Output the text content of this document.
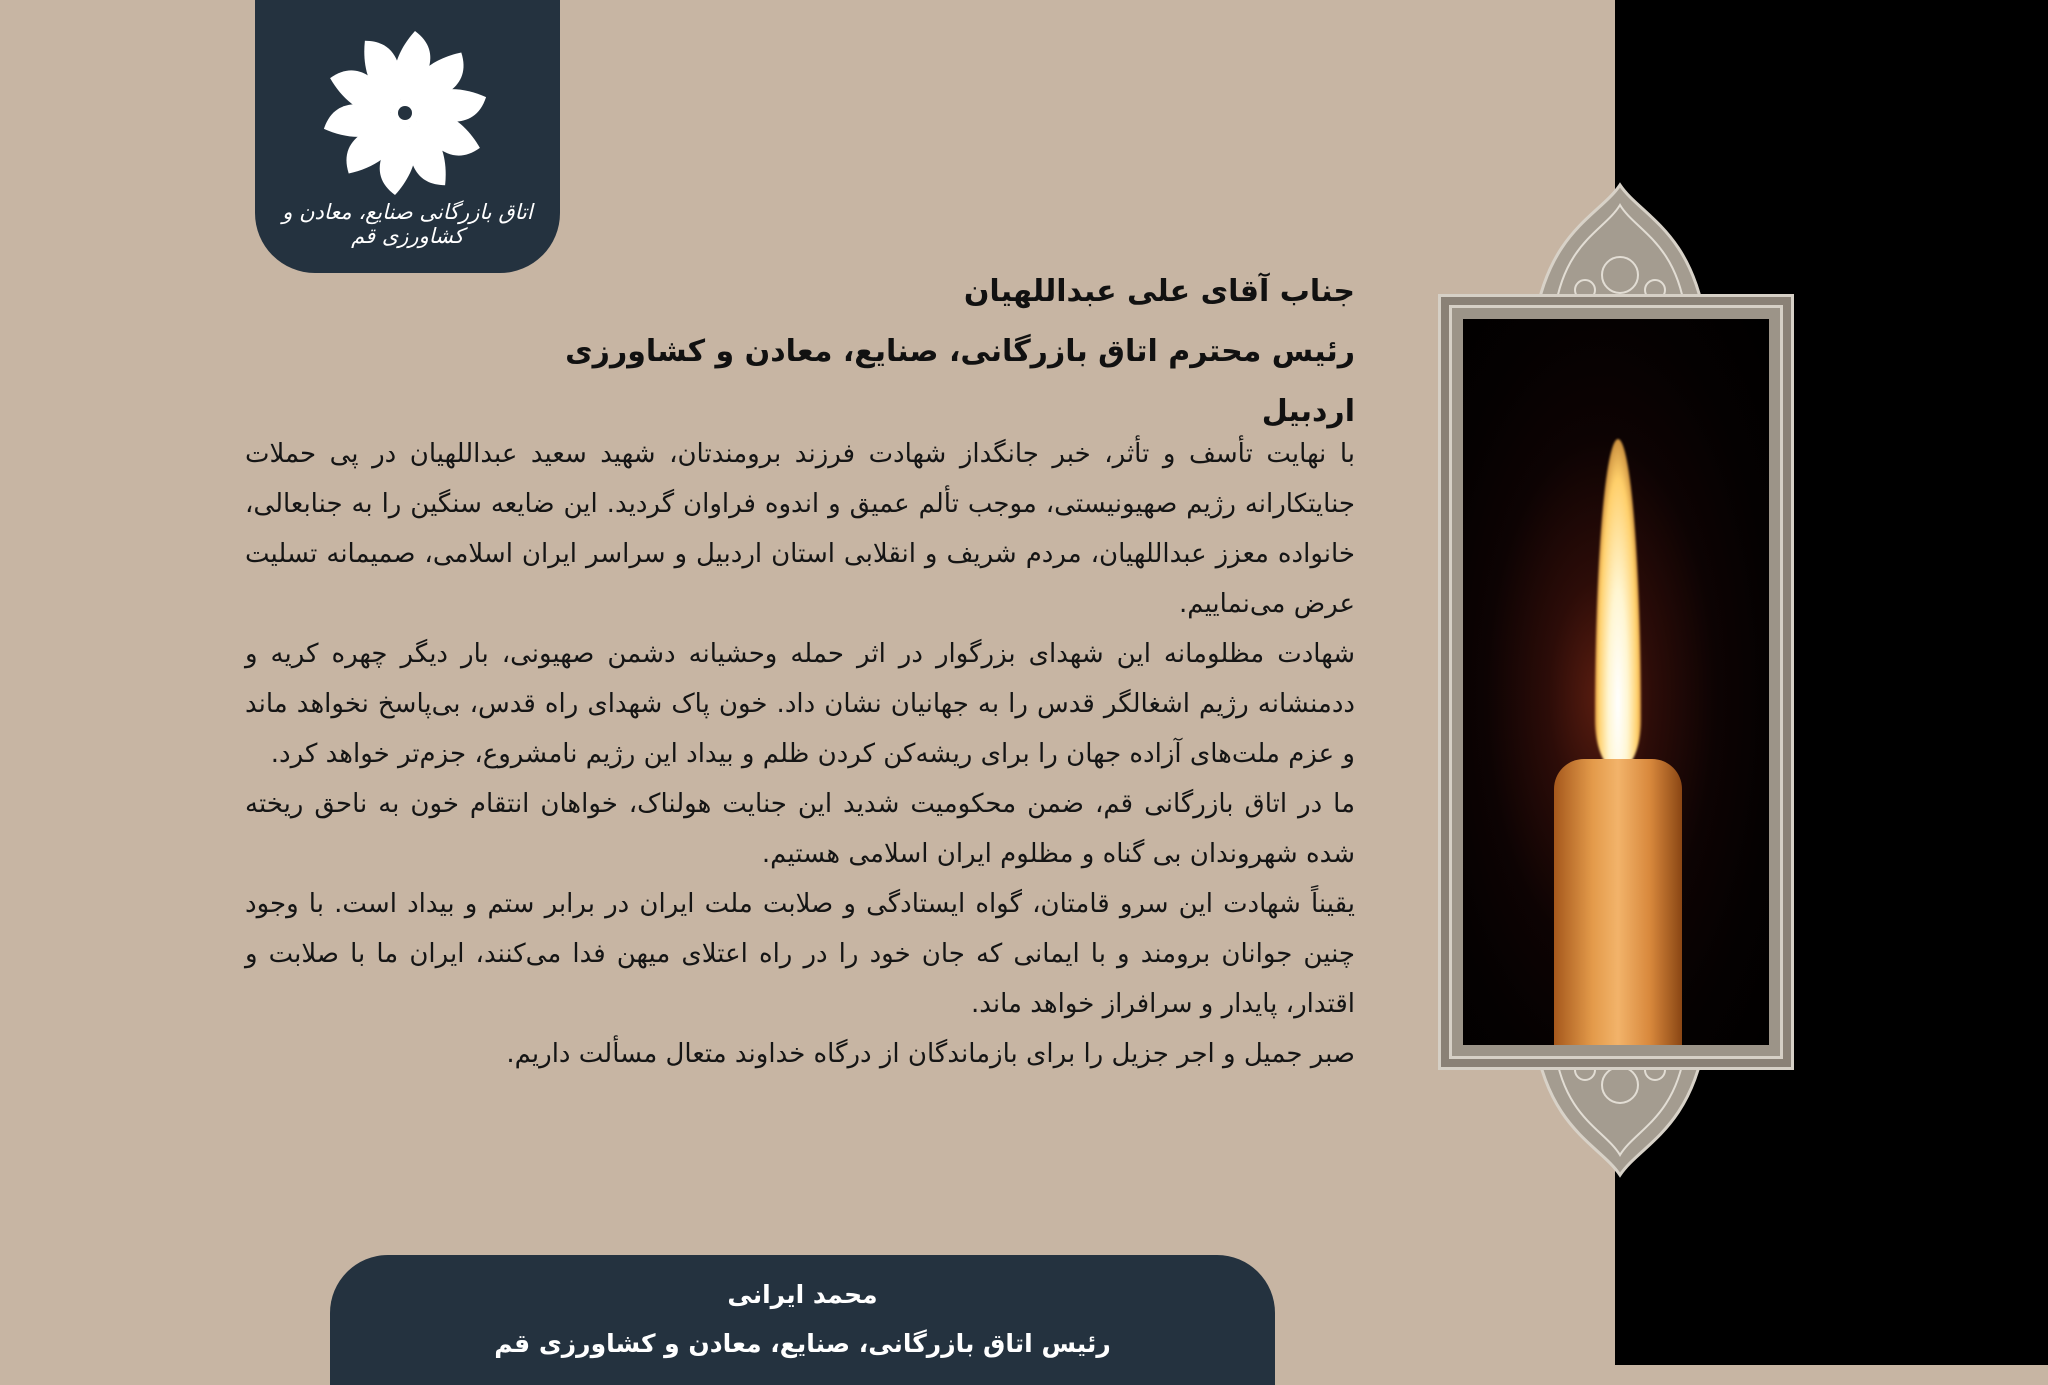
اتاق بازرگانی صنایع، معادن و کشاورزی قم
جناب آقای علی عبداللهیان
رئیس محترم اتاق بازرگانی، صنایع، معادن و کشاورزی اردبیل

با نهایت تأسف و تأثر، خبر جانگداز شهادت فرزند برومندتان، شهید سعید عبداللهیان در پی حملات جنایتکارانه رژیم صهیونیستی، موجب تألم عمیق و اندوه فراوان گردید. این ضایعه سنگین را به جنابعالی، خانواده معزز عبداللهیان، مردم شریف و انقلابی استان اردبیل و سراسر ایران اسلامی، صمیمانه تسلیت عرض می‌نماییم.

شهادت مظلومانه این شهدای بزرگوار در اثر حمله وحشیانه دشمن صهیونی، بار دیگر چهره کریه و ددمنشانه رژیم اشغالگر قدس را به جهانیان نشان داد. خون پاک شهدای راه قدس، بی‌پاسخ نخواهد ماند و عزم ملت‌های آزاده جهان را برای ریشه‌کن کردن ظلم و بیداد این رژیم نامشروع، جزم‌تر خواهد کرد.

ما در اتاق بازرگانی قم، ضمن محکومیت شدید این جنایت هولناک، خواهان انتقام خون به ناحق ریخته شده شهروندان بی گناه و مظلوم ایران اسلامی هستیم.

یقیناً شهادت این سرو قامتان، گواه ایستادگی و صلابت ملت ایران در برابر ستم و بیداد است. با وجود چنین جوانان برومند و با ایمانی که جان خود را در راه اعتلای میهن فدا می‌کنند، ایران ما با صلابت و اقتدار، پایدار و سرافراز خواهد ماند.

صبر جمیل و اجر جزیل را برای بازماندگان از درگاه خداوند متعال مسألت داریم.

محمد ایرانی
رئیس اتاق بازرگانی، صنایع، معادن و کشاورزی قم
